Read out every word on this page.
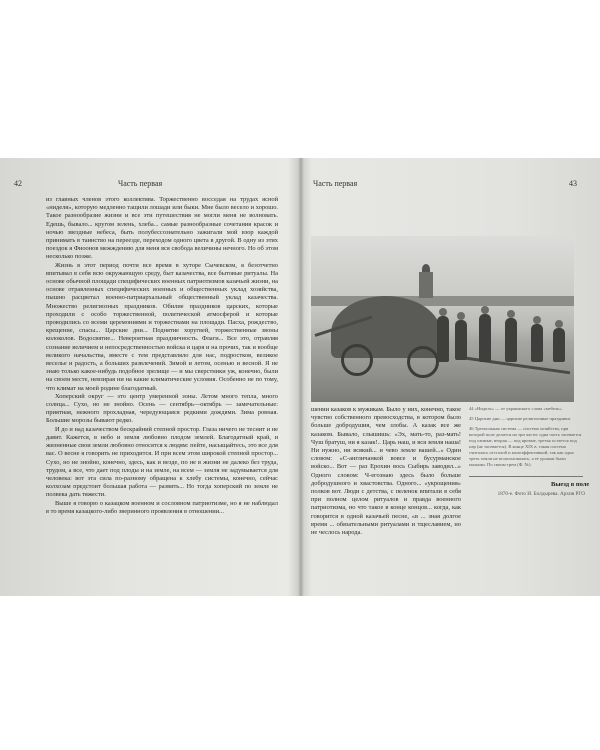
42	Часть первая

из главных членов этого коллектива. Торжественно восседая на трудах ясной «ниделя», которую медленно тащили лошади или быки. Мне было весело и хорошо. Такое разнообразие жизни и все эти путешествия не могли меня не волновать. Едешь, бывало... кругом зелень, хлеба... самые разнообразные сочетания красок и ночью звездные небеса, быть полубессознательно зажигали мой взор каждой принимать в таинство на переезде, переходом одного цвета в другой. В одну из этих поездок я Фиоонов межждению для меня вся свобода величины нечного. Но об этом несколько позже.

Жизнь в этот период почти все время в хуторе Сычевском, я безотчетно впитывал в себя всю окружающую среду, быт казачества, все бытовые ритуалы. На основе обычной площади специфических военных патриотизмов казачьей жизни, на основе отравленных специфических военных и общественных уклад хозяйства, пышно расцветал военно-патриархальный общественный уклад казачества. Множество религиозных праздников. Обилие праздников царских, которые проходили с особо торжественной, политической атмосферой и которые проводились со всеми церемониями и торжествами на площади. Пасха, рождество, крещение, спасы... Царские дни... Поднятие хоругвей, торжественные звоны колоколов. Водосвятие... Невероятная праздничность. Флаги... Все это, отравляя сознание величием и непосредственностью войска и царя и на прочих, так и вообще великого начальства, вместе с тем представляло для нас, подростков, великое веселье и радость, а больших развлечений. Зимой и летом, осенью и весной. Я не знаю только какое-нибудь подобное зрелище — и мы сверстники уж, конечно, были на своем месте, невзирая ни на какие климатические условия. Особенно не по тому, что климат на моей родине благодатный.

Хоперский округ — это центр умеренной зоны. Летом много тепла, много солнца... Сухо, но не знойно. Осень — сентябрь—октябрь — замечательные: приятная, нежного прохладная, чередующаяся редкими дождями. Зима ровная. Большие морозы бывают редко.

И до и над казачеством бескрайний степной простор. Глаза ничего не теснит и не давит. Кажется, в небо и земля любовно плодом землей. Благодатный край, и жизненные свои земли любовно относятся к людям: пейте, насыщайтесь, это все для вас. О весне я говорить не приходится. И при всем этом широкой степной простор... Сухо, но не знойно, конечно, здесь, как и везде, по не в жизни не далеко без труда, трудом, а все, что дает под плоды и на земле, на всем — земля не задумывается для человека: вот эта сила по-разному обращена к хлебу системы, конечно, сейчас колхозам предстоит большая работа — развить... Но тогда хоперский по земле не полвека дать тяжести.

Выше я говорю о казацком военном и сословном патриотизме, но я не наблюдал в то время казацкого-либо зверинного проявления в отношении...

Часть первая	43

шении казаков к мужикам. Было у них, конечно, такое чувство собственного превосходства, в котором было больше добродушия, чем злобы. А казак все же казаком. Бывало, слышишь: «Эх, мать-то, раз-мать! Чуш братуш, ни я казак!.. Царь наш, и вся земля наша! Ни нужно, ни всякий... и чево земле вашей...» Один словом: «С-англичанкой вовсе и бусурманское войско... Вот — раз Ерохин вось Сыбирь заводил...» Одного словом: Ч-егознаю здесь было больше добродушного и хвастовства. Одного... «укрощения» полков вот. Люди с детства, с пеленок впитали в себя при полном целом ритуалов и правда военного патриотизма, но что такое в конце концов... когда, как говорится в одной казачьей песне, «в ... зная долгое время ... обязательными ритуалами и тщеславием, но не чеслось народа.

44 «Нидель» — от украинского слова «мебель».

45 Царские дни — царские религиозные праздники.

46 Трехпольная система — система хозяйства, при которой поле делится на три части: одна часть засевается под озимые, вторая — под яровые, третья остается под пар (не засевается). В конце XIX в. такая система считалась отсталой и малоэффективной, так как одна треть земли не использовалась, а ее урожаи были малыми. По своим трем (Ф. №).

Выезд в поле
1870-е. Фото И. Болдырева. Архив РГО
